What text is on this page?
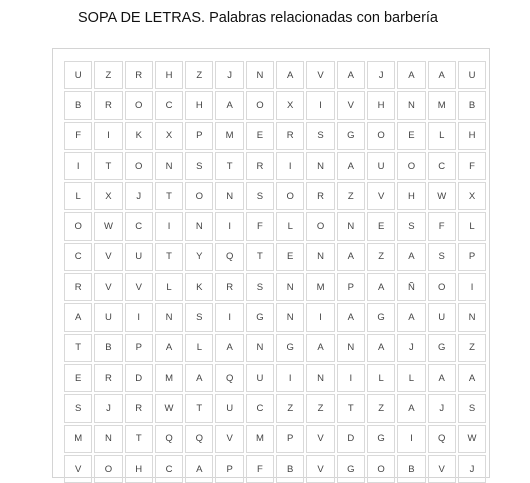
SOPA DE LETRAS. Palabras relacionadas con barbería
U	Z	R	H	Z	J	N	A	V	A	J	A	A	U
B	R	O	C	H	A	O	X	I	V	H	N	M	B
F	I	K	X	P	M	E	R	S	G	O	E	L	H
I	T	O	N	S	T	R	I	N	A	U	O	C	F
L	X	J	T	O	N	S	O	R	Z	V	H	W	X
O	W	C	I	N	I	F	L	O	N	E	S	F	L
C	V	U	T	Y	Q	T	E	N	A	Z	A	S	P
R	V	V	L	K	R	S	N	M	P	A	Ñ	O	I
A	U	I	N	S	I	G	N	I	A	G	A	U	N
T	B	P	A	L	A	N	G	A	N	A	J	G	Z
E	R	D	M	A	Q	U	I	N	I	L	L	A	A
S	J	R	W	T	U	C	Z	Z	T	Z	A	J	S
M	N	T	Q	Q	V	M	P	V	D	G	I	Q	W
V	O	H	C	A	P	F	B	V	G	O	B	V	J
